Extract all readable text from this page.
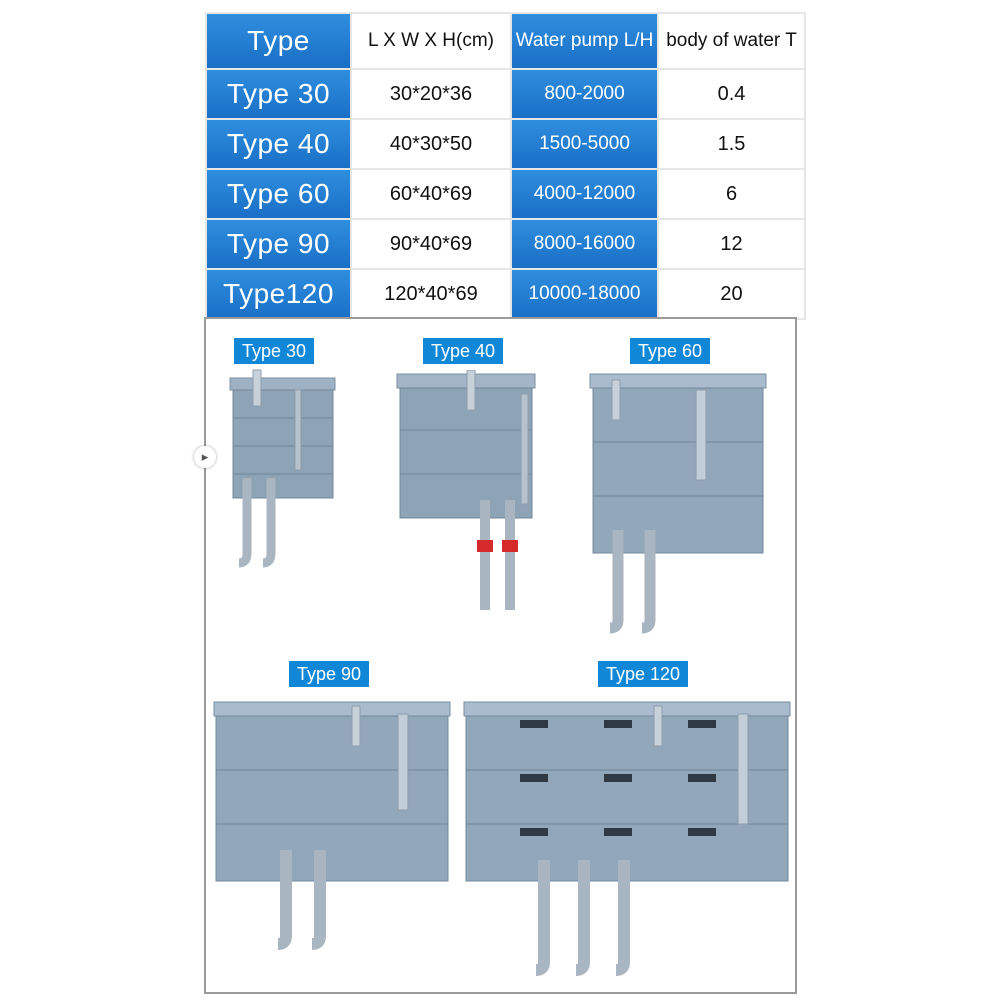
Type	L X W X H(cm)	Water pump L/H	body of water T
Type 30	30*20*36	800-2000	0.4
Type 40	40*30*50	1500-5000	1.5
Type 60	60*40*69	4000-12000	6
Type 90	90*40*69	8000-16000	12
Type120	120*40*69	10000-18000	20
▸
Type 30	Type 40	Type 60
Type 90	Type 120
